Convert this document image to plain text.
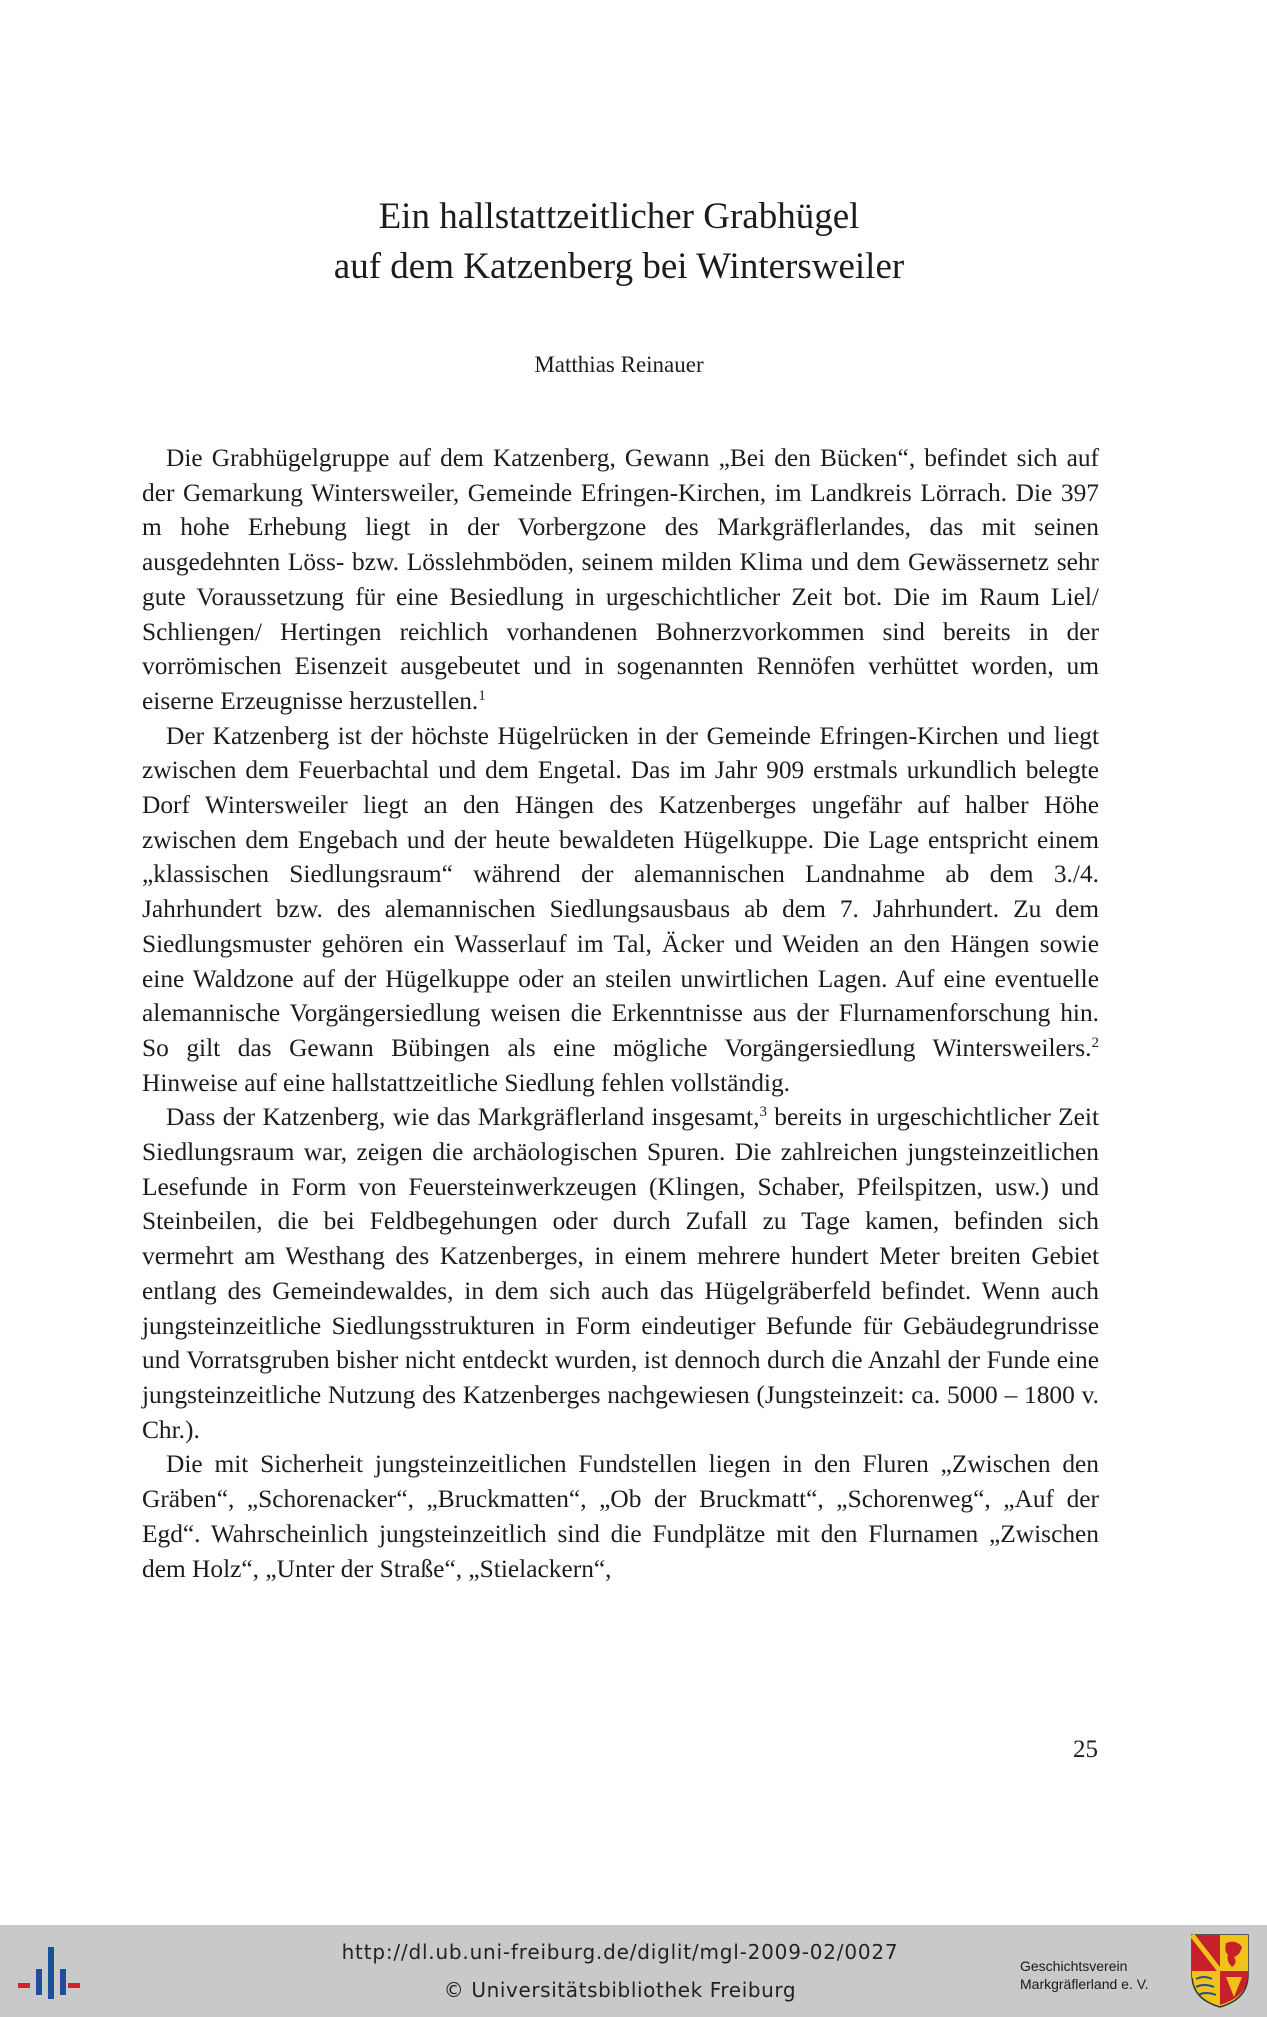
Ein hallstattzeitlicher Grabhügel
auf dem Katzenberg bei Wintersweiler
Matthias Reinauer

Die Grabhügelgruppe auf dem Katzenberg, Gewann „Bei den Bücken“, befindet sich auf der Gemarkung Wintersweiler, Gemeinde Efringen-Kirchen, im Landkreis Lörrach. Die 397 m hohe Erhebung liegt in der Vorbergzone des Markgräflerlandes, das mit seinen ausgedehnten Löss- bzw. Lösslehmböden, seinem milden Klima und dem Gewässernetz sehr gute Voraussetzung für eine Besiedlung in urgeschichtlicher Zeit bot. Die im Raum Liel/ Schliengen/ Hertingen reichlich vorhandenen Bohnerzvorkommen sind bereits in der vorrömischen Eisenzeit ausgebeutet und in sogenannten Rennöfen verhüttet worden, um eiserne Erzeugnisse herzustellen.$^1$

Der Katzenberg ist der höchste Hügelrücken in der Gemeinde Efringen-Kirchen und liegt zwischen dem Feuerbachtal und dem Engetal. Das im Jahr 909 erstmals urkundlich belegte Dorf Wintersweiler liegt an den Hängen des Katzenberges ungefähr auf halber Höhe zwischen dem Engebach und der heute bewaldeten Hügelkuppe. Die Lage entspricht einem „klassischen Siedlungsraum“ während der alemannischen Landnahme ab dem 3./4. Jahrhundert bzw. des alemannischen Siedlungsausbaus ab dem 7. Jahrhundert. Zu dem Siedlungsmuster gehören ein Wasserlauf im Tal, Äcker und Weiden an den Hängen sowie eine Waldzone auf der Hügelkuppe oder an steilen unwirtlichen Lagen. Auf eine eventuelle alemannische Vorgängersiedlung weisen die Erkenntnisse aus der Flurnamenforschung hin. So gilt das Gewann Bübingen als eine mögliche Vorgängersiedlung Wintersweilers.$^2$ Hinweise auf eine hallstattzeitliche Siedlung fehlen vollständig.

Dass der Katzenberg, wie das Markgräflerland insgesamt,$^3$ bereits in urgeschichtlicher Zeit Siedlungsraum war, zeigen die archäologischen Spuren. Die zahlreichen jungsteinzeitlichen Lesefunde in Form von Feuersteinwerkzeugen (Klingen, Schaber, Pfeilspitzen, usw.) und Steinbeilen, die bei Feldbegehungen oder durch Zufall zu Tage kamen, befinden sich vermehrt am Westhang des Katzenberges, in einem mehrere hundert Meter breiten Gebiet entlang des Gemeindewaldes, in dem sich auch das Hügelgräberfeld befindet. Wenn auch jungsteinzeitliche Siedlungsstrukturen in Form eindeutiger Befunde für Gebäudegrundrisse und Vorratsgruben bisher nicht entdeckt wurden, ist dennoch durch die Anzahl der Funde eine jungsteinzeitliche Nutzung des Katzenberges nachgewiesen (Jungsteinzeit: ca. 5000 – 1800 v. Chr.).

Die mit Sicherheit jungsteinzeitlichen Fundstellen liegen in den Fluren „Zwischen den Gräben“, „Schorenacker“, „Bruckmatten“, „Ob der Bruckmatt“, „Schorenweg“, „Auf der Egd“. Wahrscheinlich jungsteinzeitlich sind die Fundplätze mit den Flurnamen „Zwischen dem Holz“, „Unter der Straße“, „Stielackern“,

25
http://dl.ub.uni-freiburg.de/diglit/mgl-2009-02/0027
© Universitätsbibliothek Freiburg
Geschichtsverein
Markgräflerland e. V.
